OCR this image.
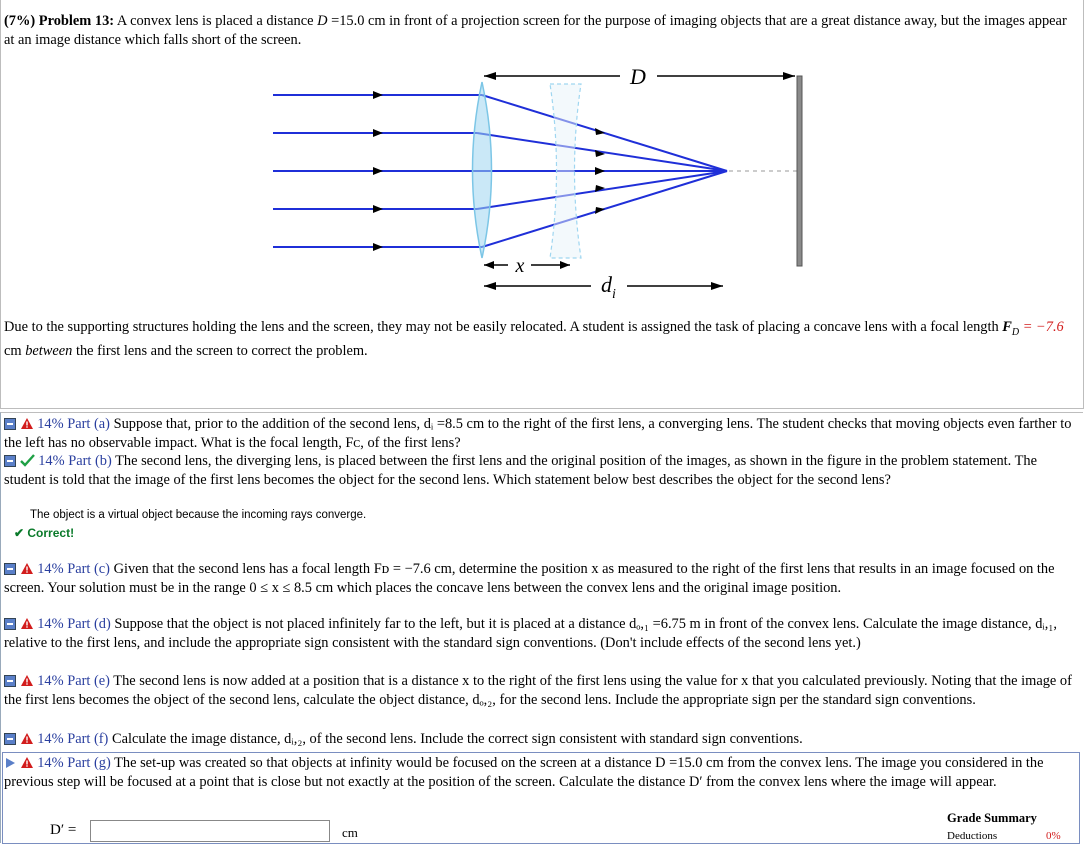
(7%) Problem 13: A convex lens is placed a distance D =15.0 cm in front of a projection screen for the purpose of imaging objects that are a great distance away, but the images appear at an image distance which falls short of the screen.
D
x
$d_i$
Due to the supporting structures holding the lens and the screen, they may not be easily relocated. A student is assigned the task of placing a concave lens with a focal length $F_D = -7.6$ cm between the first lens and the screen to correct the problem.
14% Part (a) Suppose that, prior to the addition of the second lens, dᵢ =8.5 cm to the right of the first lens, a converging lens. The student checks that moving objects even farther to the left has no observable impact. What is the focal length, Fᴄ, of the first lens?
14% Part (b) The second lens, the diverging lens, is placed between the first lens and the original position of the images, as shown in the figure in the problem statement. The student is told that the image of the first lens becomes the object for the second lens. Which statement below best describes the object for the second lens?
The object is a virtual object because the incoming rays converge.
✔ Correct!
14% Part (c) Given that the second lens has a focal length Fᴅ = −7.6 cm, determine the position x as measured to the right of the first lens that results in an image focused on the screen. Your solution must be in the range 0 ≤ x ≤ 8.5 cm which places the concave lens between the convex lens and the original image position.
14% Part (d) Suppose that the object is not placed infinitely far to the left, but it is placed at a distance dₒ,₁ =6.75 m in front of the convex lens. Calculate the image distance, dᵢ,₁, relative to the first lens, and include the appropriate sign consistent with the standard sign conventions. (Don't include effects of the second lens yet.)
14% Part (e) The second lens is now added at a position that is a distance x to the right of the first lens using the value for x that you calculated previously. Noting that the image of the first lens becomes the object of the second lens, calculate the object distance, dₒ,₂, for the second lens. Include the appropriate sign per the standard sign conventions.
14% Part (f) Calculate the image distance, dᵢ,₂, of the second lens. Include the correct sign consistent with standard sign conventions.
14% Part (g) The set-up was created so that objects at infinity would be focused on the screen at a distance D =15.0 cm from the convex lens. The image you considered in the previous step will be focused at a point that is close but not exactly at the position of the screen. Calculate the distance D′ from the convex lens where the image will appear.
D′ =	cm
Grade Summary
Deductions	0%
